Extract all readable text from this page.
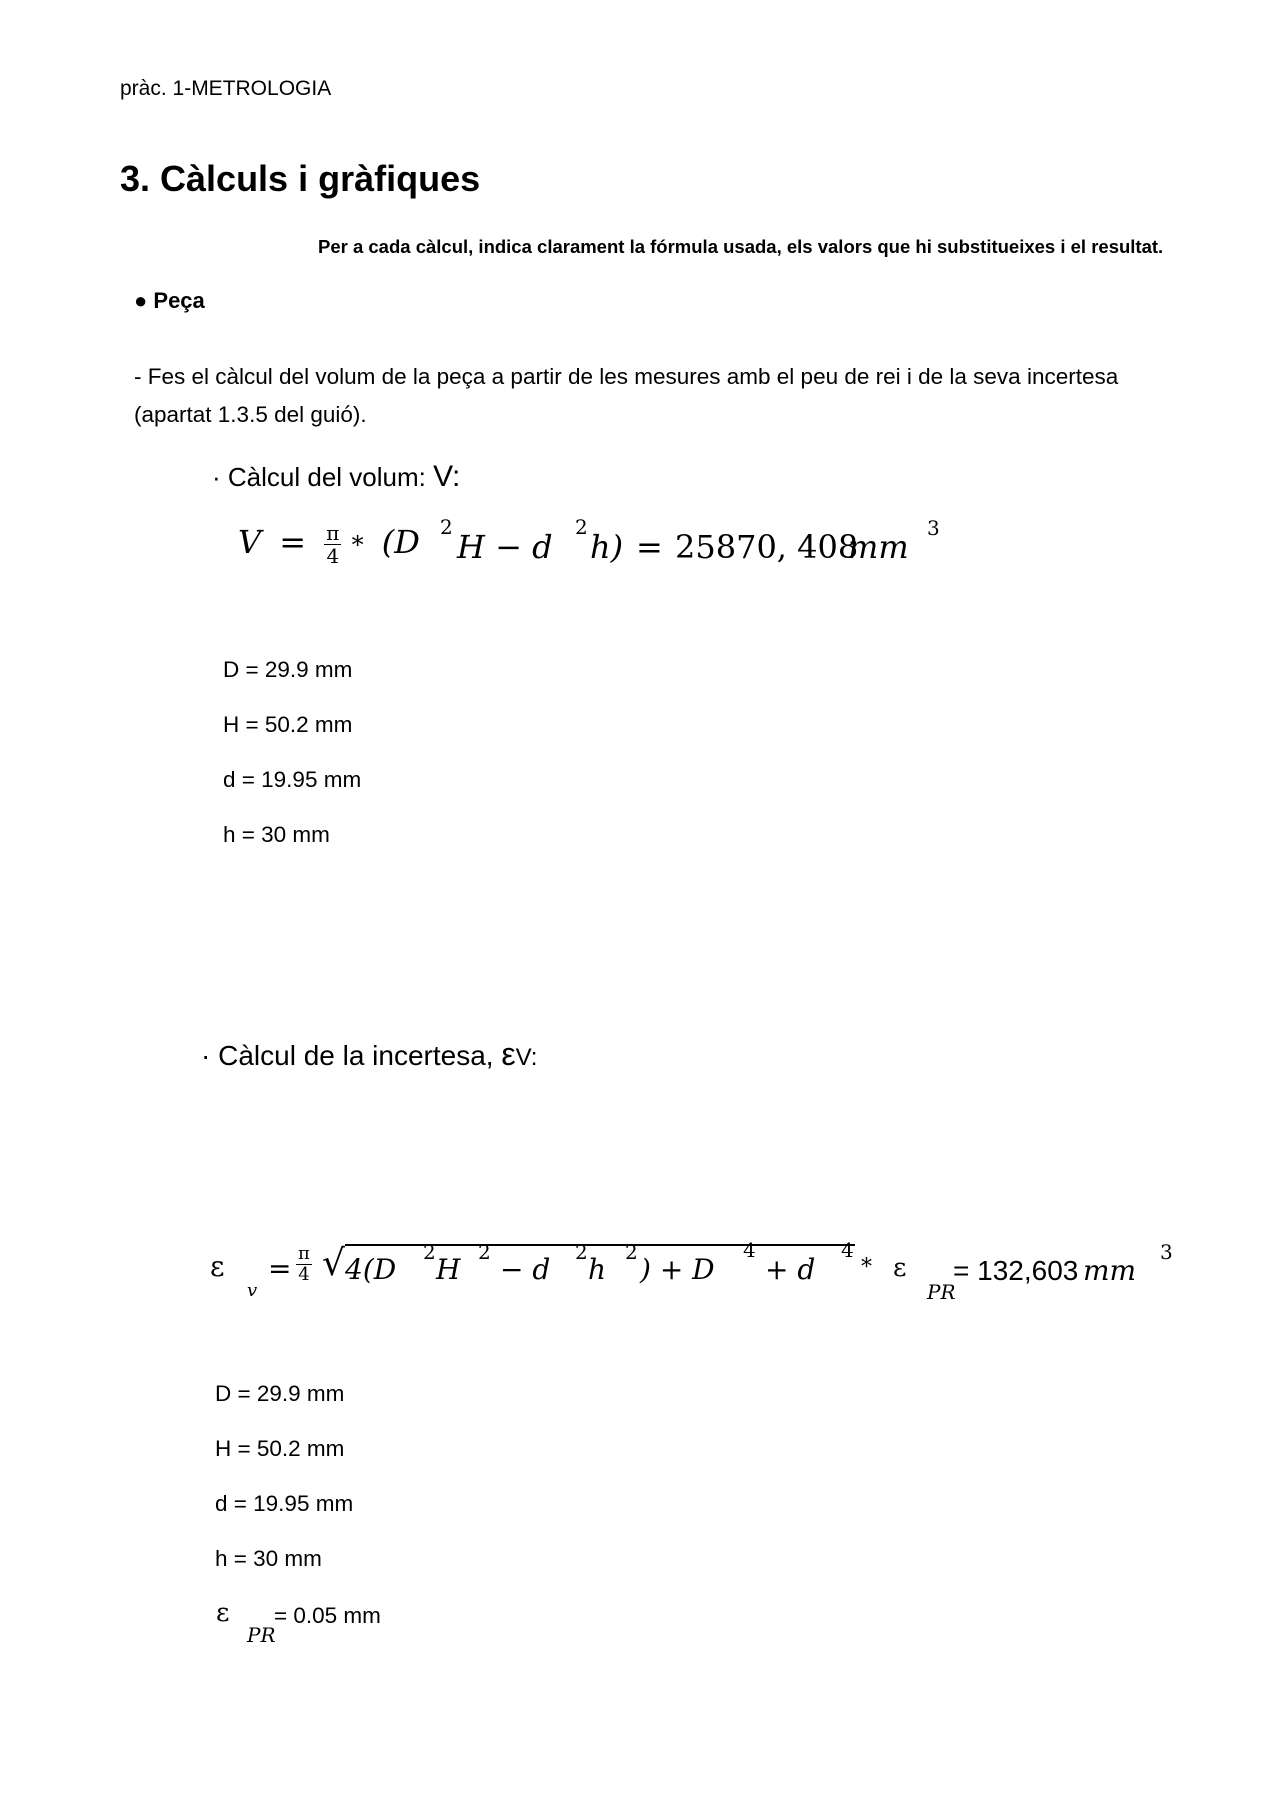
pràc. 1-METROLOGIA
3. Càlculs i gràfiques
Per a cada càlcul, indica clarament la fórmula usada, els valors que hi substitueixes i el resultat.
● Peça
- Fes el càlcul del volum de la peça a partir de les mesures amb el peu de rei i de la seva incertesa (apartat 1.3.5 del guió).
· Càlcul del volum: V:
$V = \frac{\pi}{4} * (D$ 2
H − d
2
h) = 25870, 408
mm 3
D = 29.9 mm
H = 50.2 mm
d = 19.95 mm
h = 30 mm
· Càlcul de la incertesa, εV:
ε
v
= $\frac{\pi}{4}$ √ 4(D
2
H
2
− d
2
h
2
) + D
4
+ d
4
* ε
PR
= 132,603 mm
3
D = 29.9 mm
H = 50.2 mm
d = 19.95 mm
h = 30 mm
ε
PR
= 0.05 mm
